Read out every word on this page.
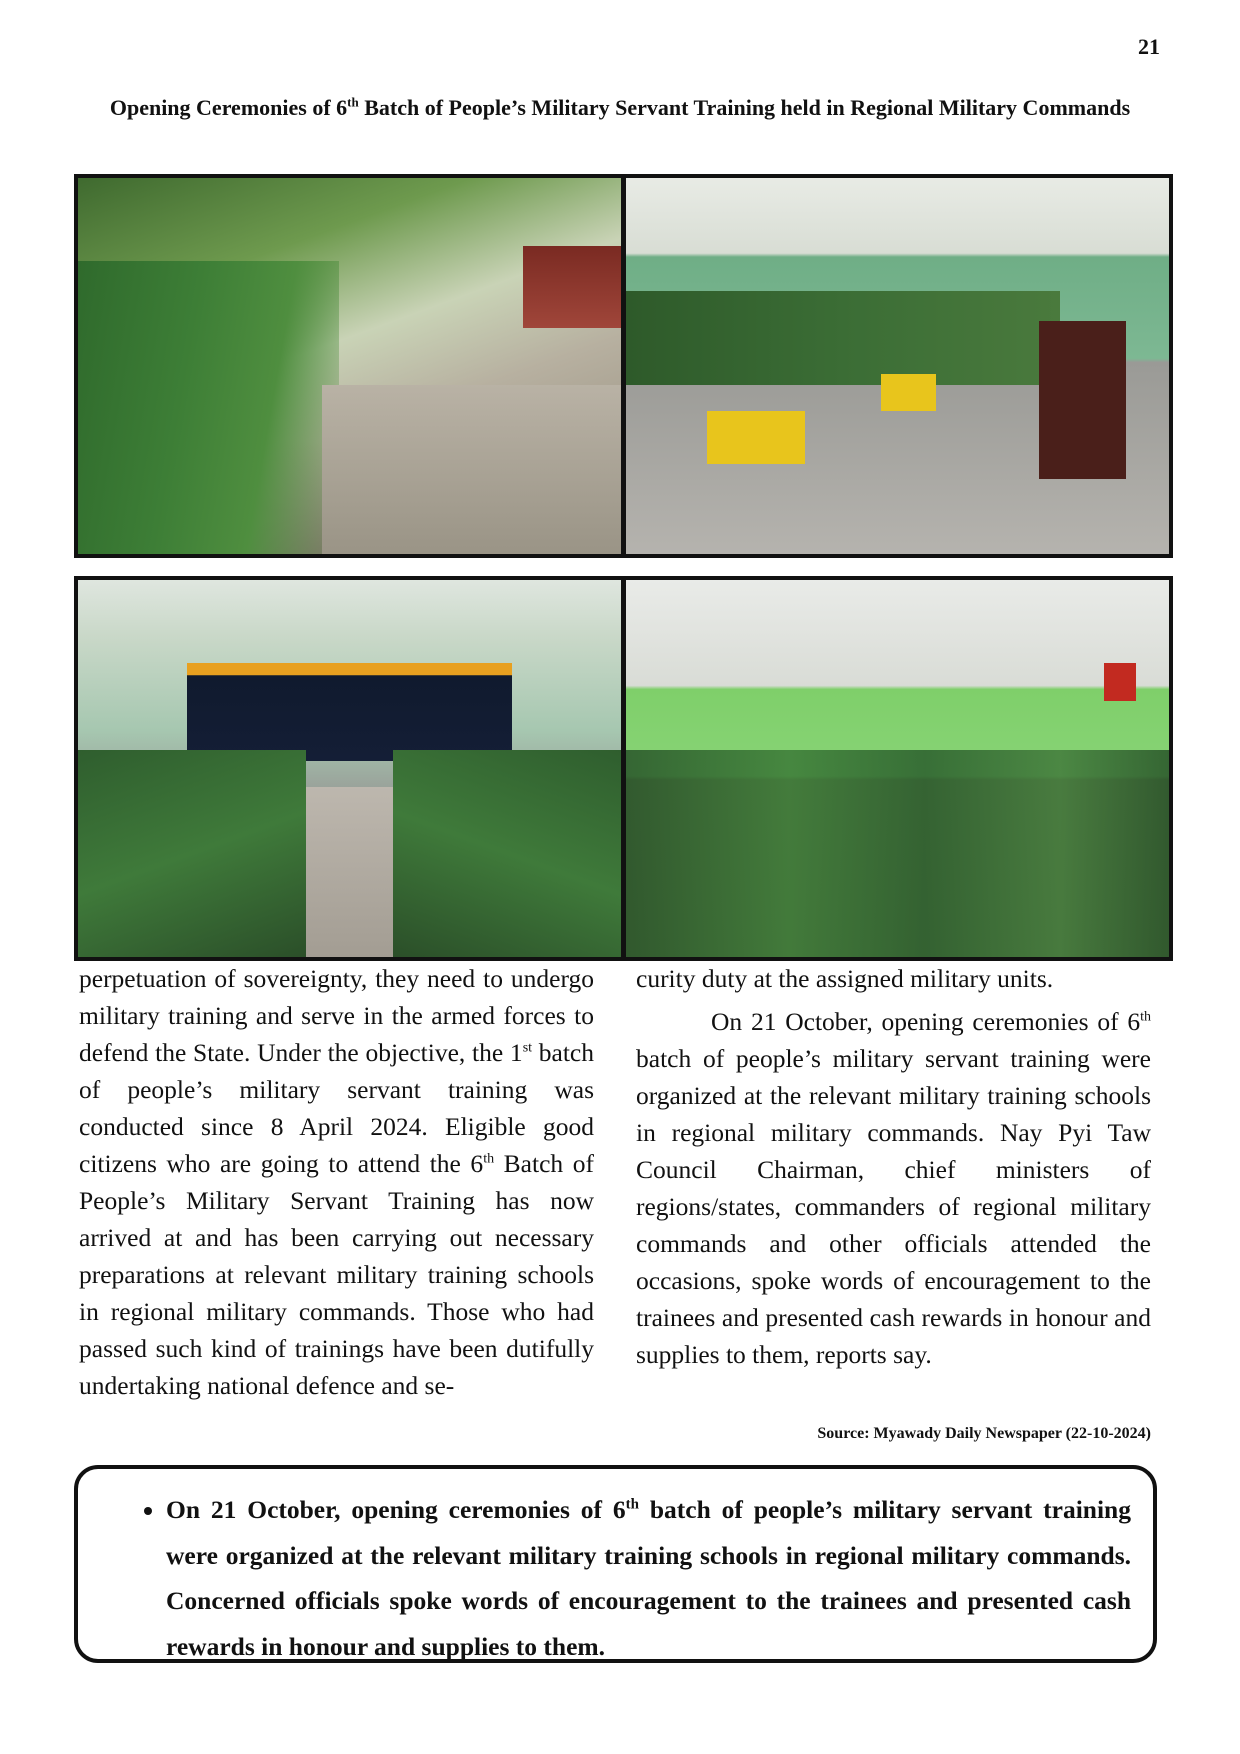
21
Opening Ceremonies of 6th Batch of People’s Military Servant Training held in Regional Military Commands

perpetuation of sovereignty, they need to undergo military training and serve in the armed forces to defend the State. Under the objective, the 1st batch of people’s military servant training was conducted since 8 April 2024. Eligible good citizens who are going to attend the 6th Batch of People’s Military Servant Training has now arrived at and has been carrying out necessary preparations at relevant military training schools in regional military commands. Those who had passed such kind of trainings have been dutifully undertaking national defence and se-

curity duty at the assigned military units.

On 21 October, opening ceremonies of 6th batch of people’s military servant training were organized at the relevant military training schools in regional military commands. Nay Pyi Taw Council Chairman, chief ministers of regions/states, commanders of regional military commands and other officials attended the occasions, spoke words of encouragement to the trainees and presented cash rewards in honour and supplies to them, reports say.

Source: Myawady Daily Newspaper (22-10-2024)
• On 21 October, opening ceremonies of 6th batch of people’s military servant training were organized at the relevant military training schools in regional military commands. Concerned officials spoke words of encouragement to the trainees and presented cash rewards in honour and supplies to them.
